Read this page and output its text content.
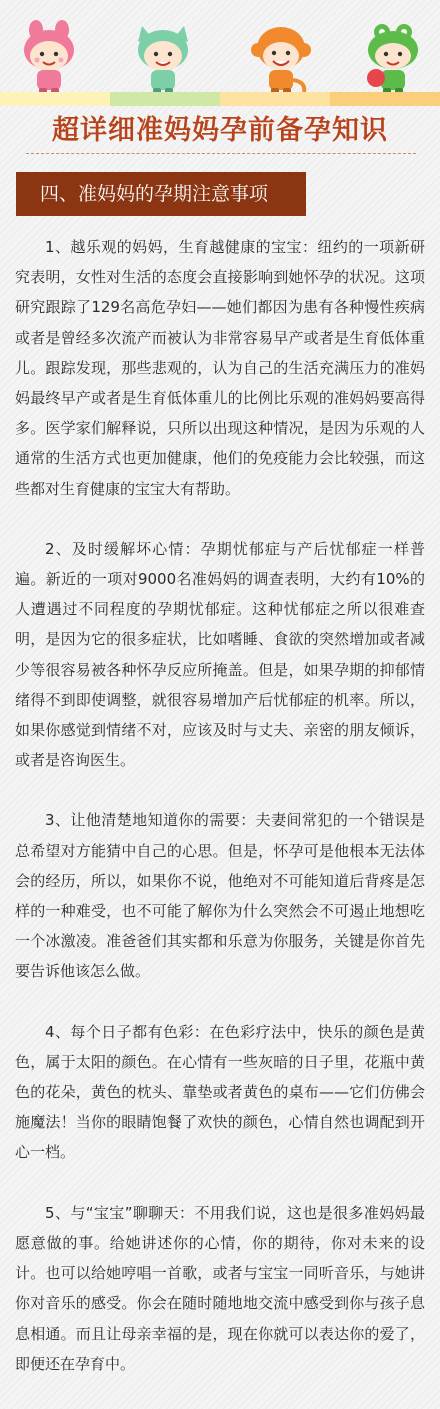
超详细准妈妈孕前备孕知识
四、准妈妈的孕期注意事项

1、越乐观的妈妈，生育越健康的宝宝：纽约的一项新研究表明，女性对生活的态度会直接影响到她怀孕的状况。这项研究跟踪了129名高危孕妇——她们都因为患有各种慢性疾病或者是曾经多次流产而被认为非常容易早产或者是生育低体重儿。跟踪发现，那些悲观的，认为自己的生活充满压力的准妈妈最终早产或者是生育低体重儿的比例比乐观的准妈妈要高得多。医学家们解释说，只所以出现这种情况，是因为乐观的人通常的生活方式也更加健康，他们的免疫能力会比较强，而这些都对生育健康的宝宝大有帮助。

2、及时缓解坏心情：孕期忧郁症与产后忧郁症一样普遍。新近的一项对9000名准妈妈的调查表明，大约有10%的人遭遇过不同程度的孕期忧郁症。这种忧郁症之所以很难查明，是因为它的很多症状，比如嗜睡、食欲的突然增加或者减少等很容易被各种怀孕反应所掩盖。但是，如果孕期的抑郁情绪得不到即使调整，就很容易增加产后忧郁症的机率。所以，如果你感觉到情绪不对，应该及时与丈夫、亲密的朋友倾诉，或者是咨询医生。

3、让他清楚地知道你的需要：夫妻间常犯的一个错误是总希望对方能猜中自己的心思。但是，怀孕可是他根本无法体会的经历，所以，如果你不说，他绝对不可能知道后背疼是怎样的一种难受，也不可能了解你为什么突然会不可遏止地想吃一个冰激凌。准爸爸们其实都和乐意为你服务，关键是你首先要告诉他该怎么做。

4、每个日子都有色彩：在色彩疗法中，快乐的颜色是黄色，属于太阳的颜色。在心情有一些灰暗的日子里，花瓶中黄色的花朵，黄色的枕头、靠垫或者黄色的桌布——它们仿佛会施魔法！当你的眼睛饱餐了欢快的颜色，心情自然也调配到开心一档。

5、与“宝宝”聊聊天：不用我们说，这也是很多准妈妈最愿意做的事。给她讲述你的心情，你的期待，你对未来的设计。也可以给她哼唱一首歌，或者与宝宝一同听音乐，与她讲你对音乐的感受。你会在随时随地地交流中感受到你与孩子息息相通。而且让母亲幸福的是，现在你就可以表达你的爱了，即便还在孕育中。
